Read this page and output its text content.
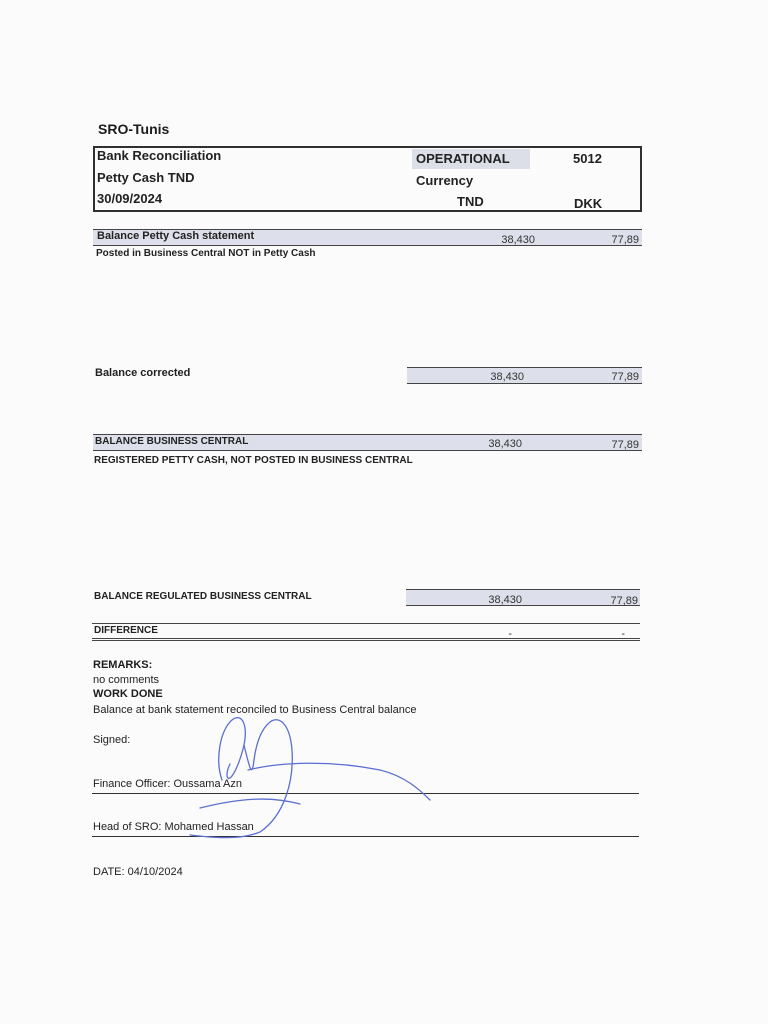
SRO-Tunis
Bank Reconciliation
Petty Cash TND
30/09/2024
OPERATIONAL	5012
Currency
TND	DKK
Balance Petty Cash statement	38,430	77,89
Posted in Business Central NOT in Petty Cash
Balance corrected	38,430	77,89
BALANCE BUSINESS CENTRAL	38,430	77,89
REGISTERED PETTY CASH, NOT POSTED IN BUSINESS CENTRAL
BALANCE REGULATED BUSINESS CENTRAL	38,430	77,89
DIFFERENCE	-	-
REMARKS:
no comments
WORK DONE
Balance at bank statement reconciled to Business Central balance
Signed:
Finance Officer: Oussama Azn
Head of SRO: Mohamed Hassan
DATE: 04/10/2024
